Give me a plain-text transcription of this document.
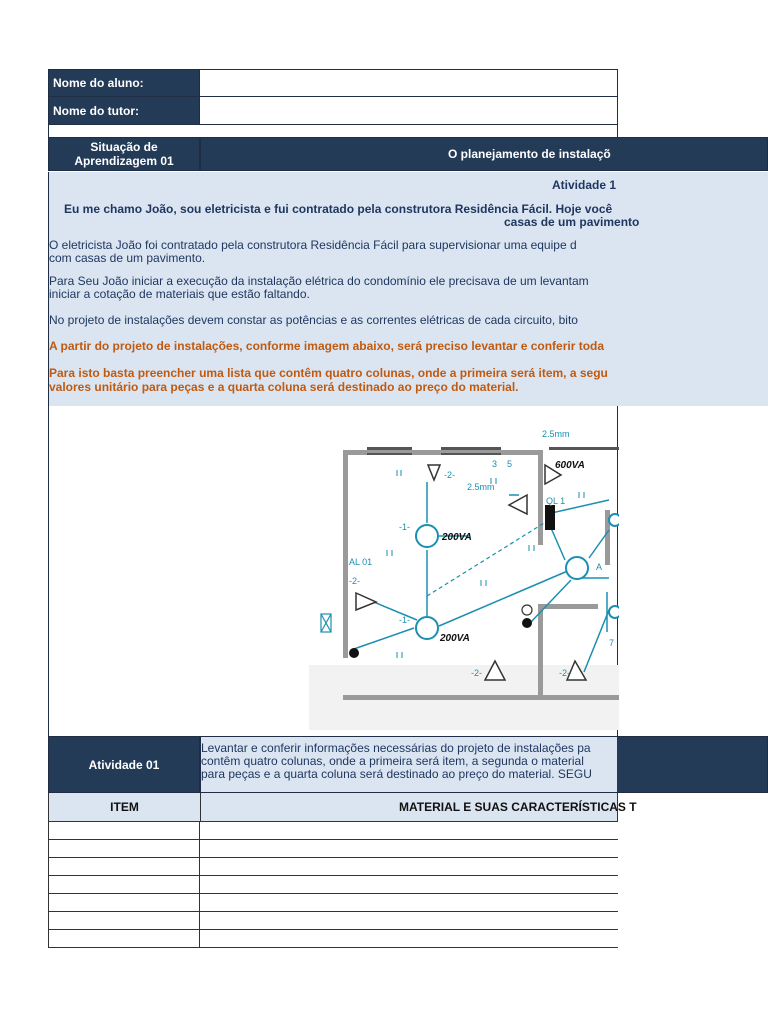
Nome do aluno:
Nome do tutor:
Situação de Aprendizagem 01	O planejamento de instalaçõ
Atividade 1
Eu me chamo João, sou eletricista e fui contratado pela construtora Residência Fácil. Hoje você
casas de um pavimento
O eletricista João foi contratado pela construtora Residência Fácil para supervisionar uma equipe d
com casas de um pavimento.
Para Seu João iniciar a execução da instalação elétrica do condomínio ele precisava de um levantam
iniciar a cotação de materiais que estão faltando.
No projeto de instalações devem constar as potências e as correntes elétricas de cada circuito, bito
A partir do projeto de instalações, conforme imagem abaixo, será preciso levantar e conferir toda
Para isto basta preencher uma lista que contêm quatro colunas, onde a primeira será item, a segu
valores unitário para peças e a quarta coluna será destinado ao preço do material.
2.5mm
2.5mm
3 5
-2-
-1-
-1-
AL 01
-2-
QL 1
A
7
-2-	-2-
600VA
200VA
200VA
Atividade 01
Levantar e conferir informações necessárias do projeto de instalações pa
contêm quatro colunas, onde a primeira será item, a segunda o material
para peças e a quarta coluna será destinado ao preço do material. SEGU
ITEM	MATERIAL E SUAS CARACTERÍSTICAS T
